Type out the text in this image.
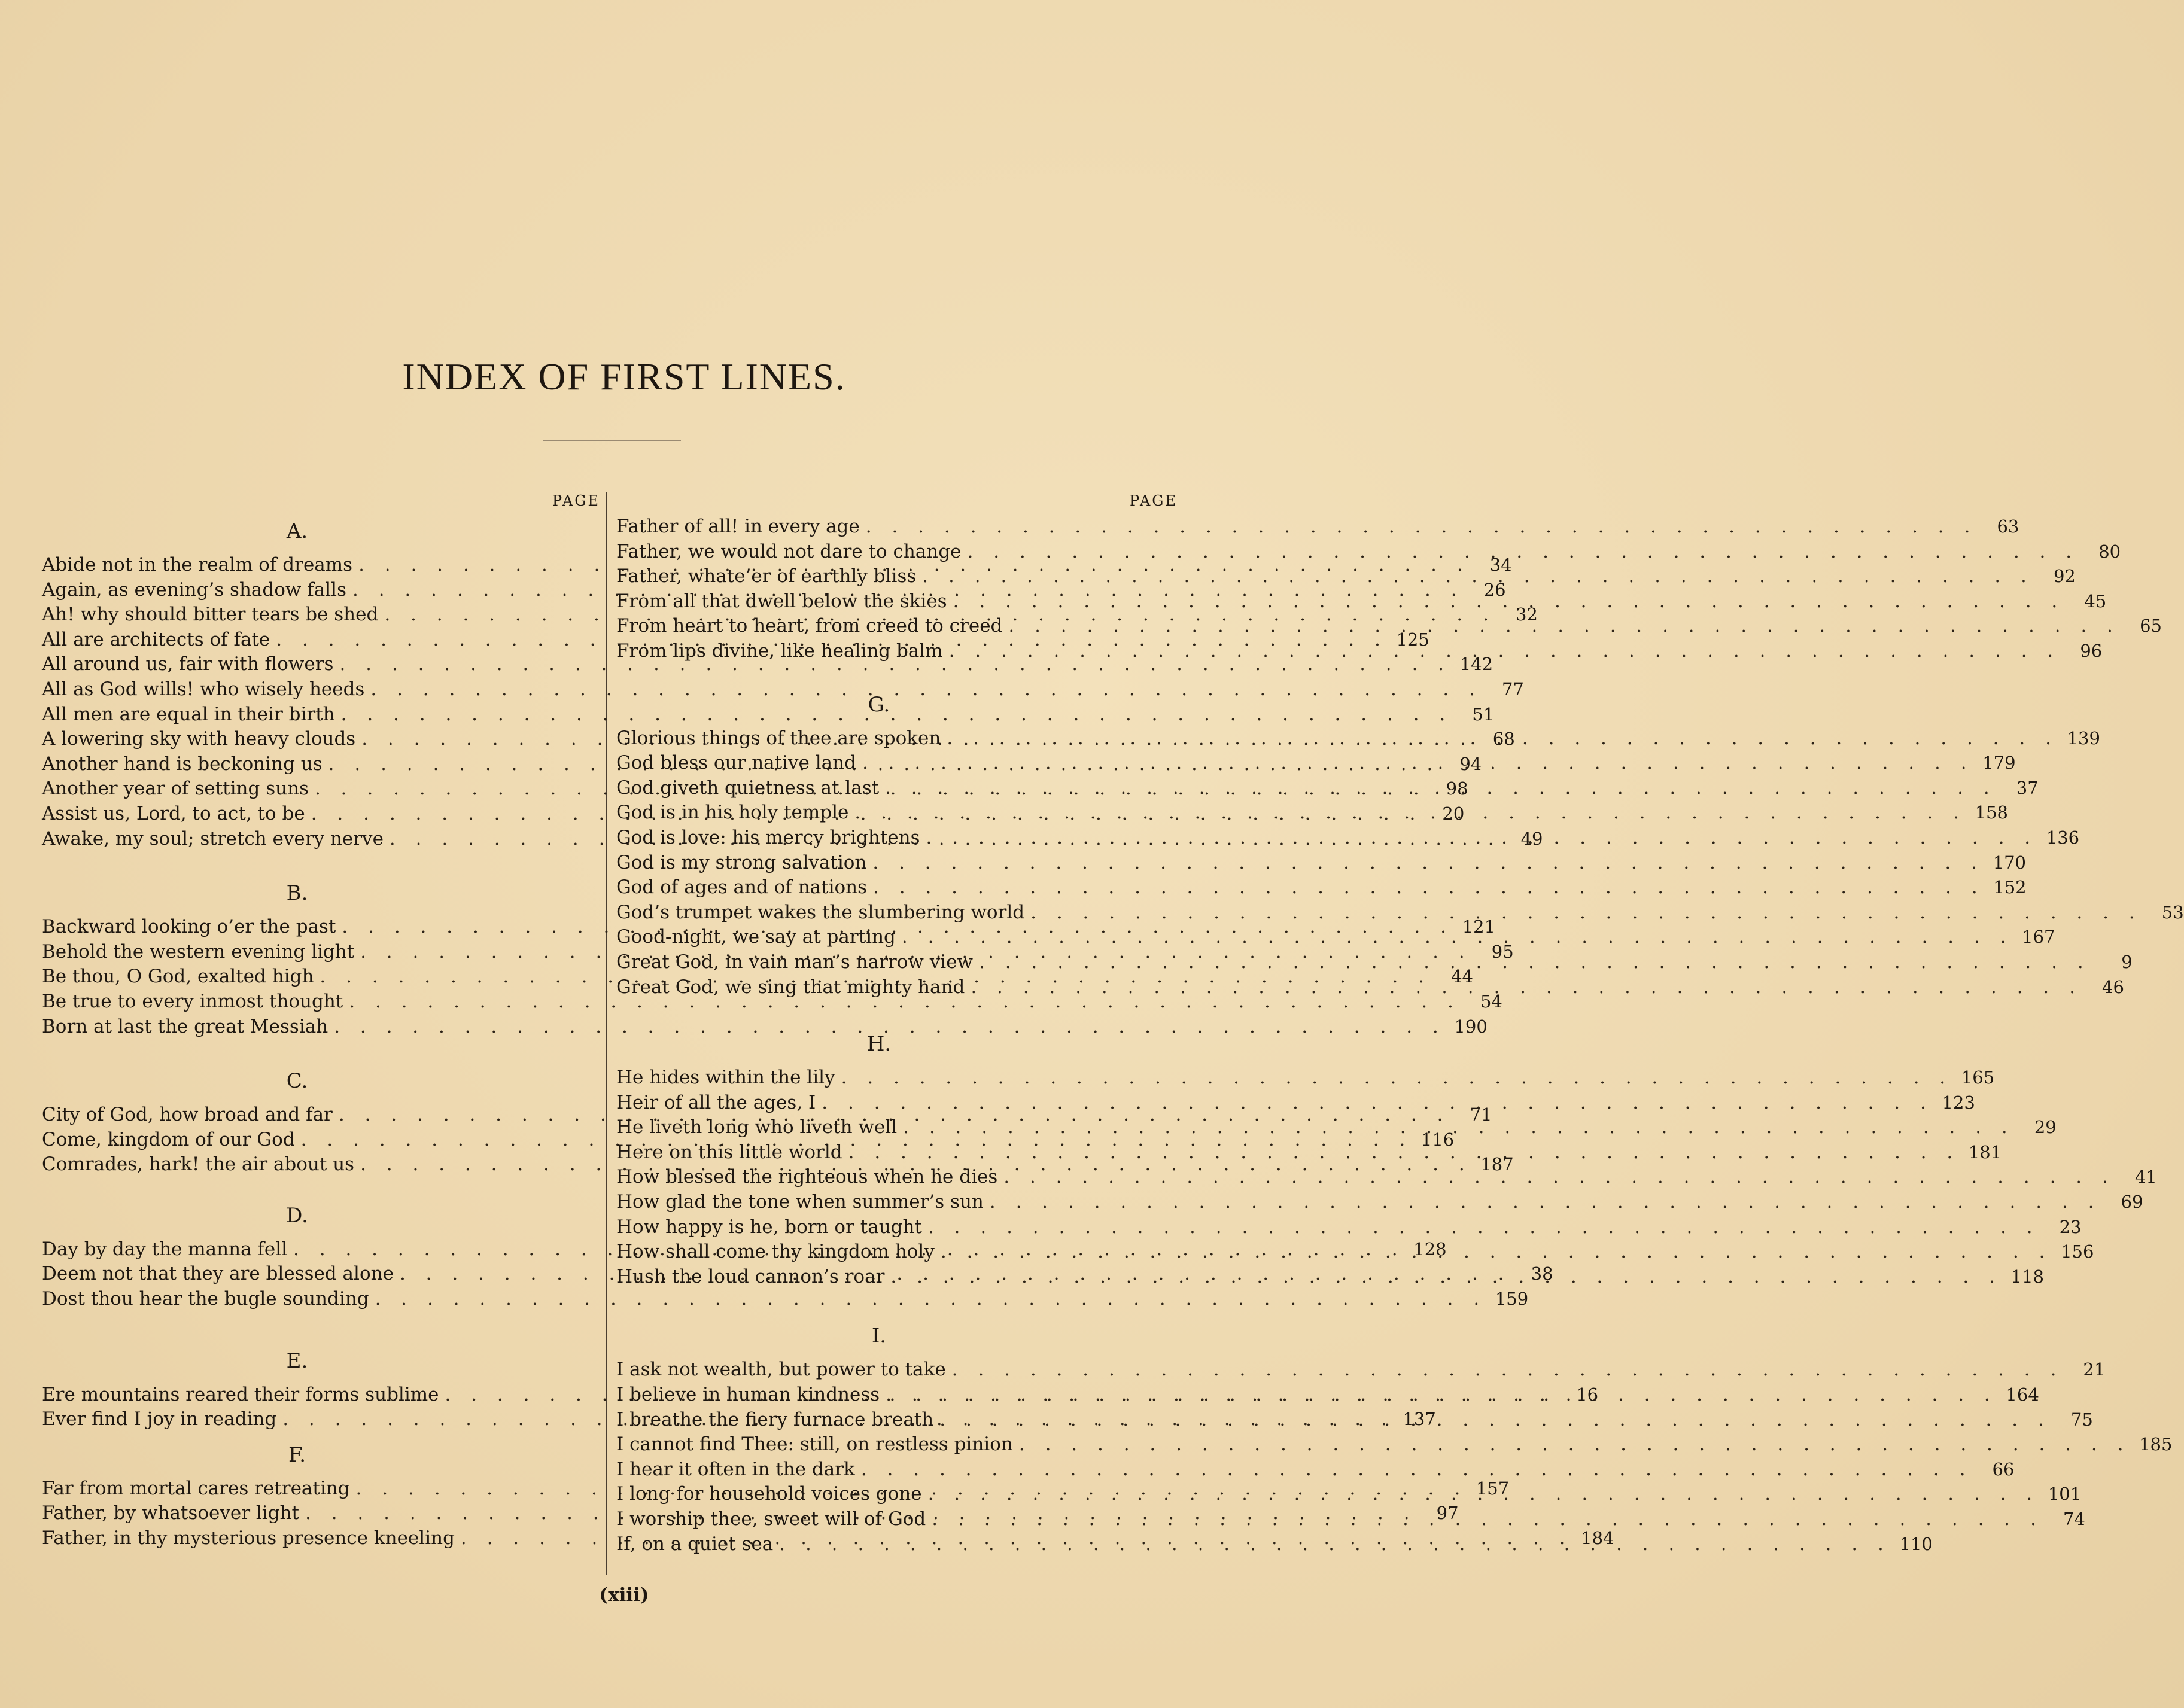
INDEX OF FIRST LINES.
PAGE
A.
Abide not in the realm of dreams . . .	34
Again, as evening’s shadow falls . . .	26
Ah! why should bitter tears be shed . . .	32
All are architects of fate . . .	125
All around us, fair with flowers . . .	142
All as God wills! who wisely heeds . . .	77
All men are equal in their birth . . .	51
A lowering sky with heavy clouds . . .	68
Another hand is beckoning us . . .	94
Another year of setting suns . . .	98
Assist us, Lord, to act, to be . . .	20
Awake, my soul; stretch every nerve . . .	49
B.
Backward looking o’er the past . . .	121
Behold the western evening light . . .	95
Be thou, O God, exalted high . . .	44
Be true to every inmost thought . . .	54
Born at last the great Messiah . . .	190
C.
City of God, how broad and far . . .	71
Come, kingdom of our God . . .	116
Comrades, hark! the air about us . . .	187
D.
Day by day the manna fell . . .	128
Deem not that they are blessed alone . . .	38
Dost thou hear the bugle sounding . . .	159
E.
Ere mountains reared their forms sublime . . .	16
Ever find I joy in reading . . .	137
F.
Far from mortal cares retreating . . .	157
Father, by whatsoever light . . .	97
Father, in thy mysterious presence kneeling . . .	184
PAGE
Father of all! in every age . . .	63
Father, we would not dare to change . . .	80
Father, whate’er of earthly bliss . . .	92
From all that dwell below the skies . . .	45
From heart to heart, from creed to creed . . .	65
From lips divine, like healing balm . . .	96
G.
Glorious things of thee are spoken . . .	139
God bless our native land . . .	179
God giveth quietness at last . . .	37
God is in his holy temple . . .	158
God is love: his mercy brightens . . .	136
God is my strong salvation . . .	170
God of ages and of nations . . .	152
God’s trumpet wakes the slumbering world . . .	53
Good-night, we say at parting . . .	167
Great God, in vain man’s narrow view . . .	9
Great God, we sing that mighty hand . . .	46
H.
He hides within the lily . . .	165
Heir of all the ages, I . . .	123
He liveth long who liveth well . . .	29
Here on this little world . . .	181
How blessed the righteous when he dies . . .	41
How glad the tone when summer’s sun . . .	69
How happy is he, born or taught . . .	23
How shall come thy kingdom holy . . .	156
Hush the loud cannon’s roar . . .	118
I.
I ask not wealth, but power to take . . .	21
I believe in human kindness . . .	164
I breathe the fiery furnace breath . . .	75
I cannot find Thee: still, on restless pinion . . .	185
I hear it often in the dark . . .	66
I long for household voices gone . . .	101
I worship thee, sweet will of God . . .	74
If, on a quiet sea . . .	110
(xiii)
